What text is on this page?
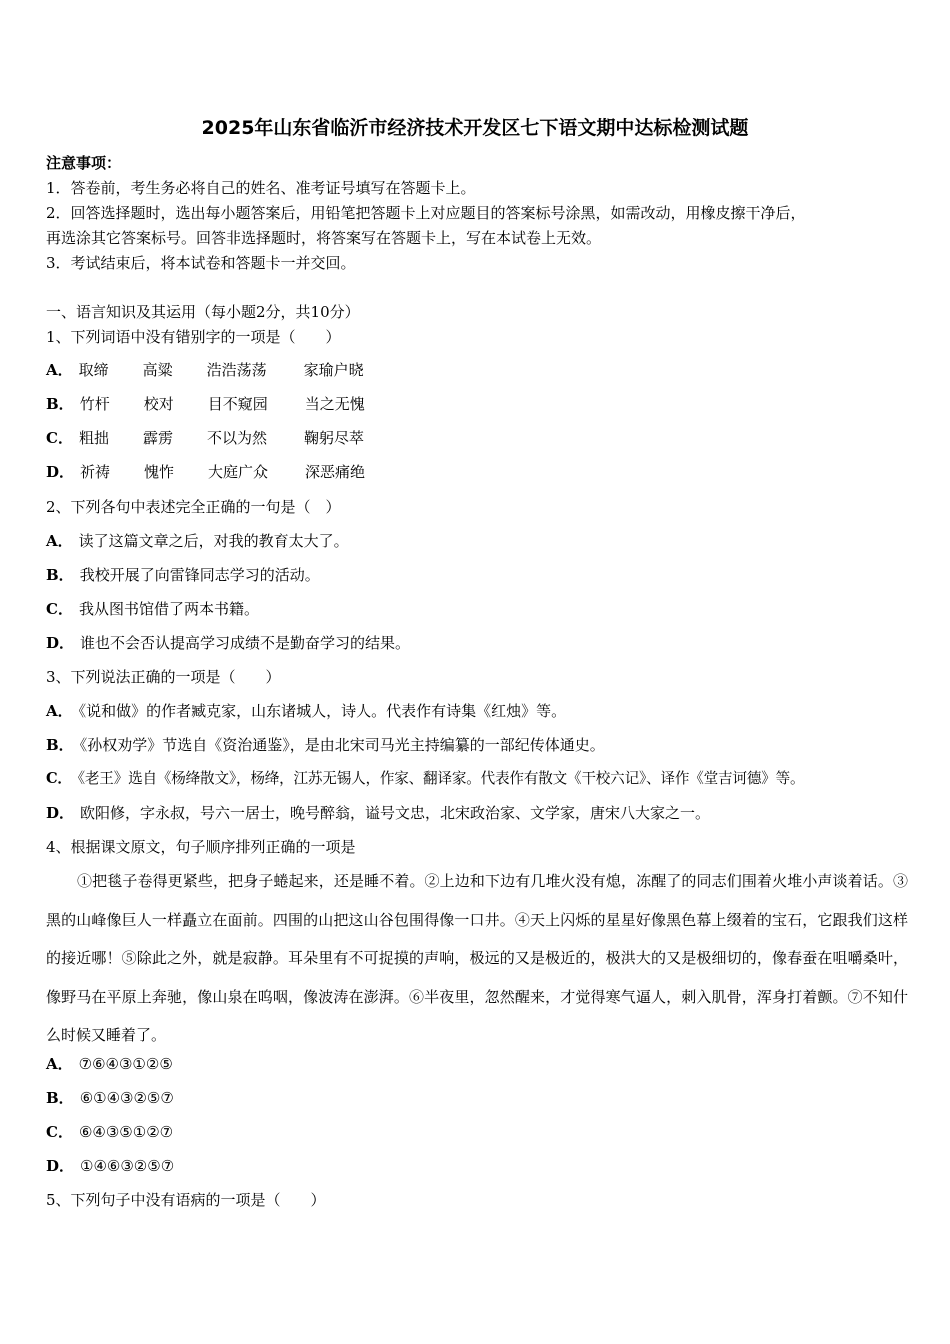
2025年山东省临沂市经济技术开发区七下语文期中达标检测试题
注意事项：
1．答卷前，考生务必将自己的姓名、准考证号填写在答题卡上。
2．回答选择题时，选出每小题答案后，用铅笔把答题卡上对应题目的答案标号涂黑，如需改动，用橡皮擦干净后，
再选涂其它答案标号。回答非选择题时，将答案写在答题卡上，写在本试卷上无效。
3．考试结束后，将本试卷和答题卡一并交回。
一、语言知识及其运用（每小题2分，共10分）
1、下列词语中没有错别字的一项是（　　）
A． 取缔 高粱 浩浩荡荡 家瑜户晓
B． 竹杆 校对 目不窥园 当之无愧
C． 粗拙 霹雳 不以为然 鞠躬尽萃
D． 祈祷 愧怍 大庭广众 深恶痛绝
2、下列各句中表述完全正确的一句是（　）
A． 读了这篇文章之后，对我的教育太大了。
B． 我校开展了向雷锋同志学习的活动。
C． 我从图书馆借了两本书籍。
D． 谁也不会否认提高学习成绩不是勤奋学习的结果。
3、下列说法正确的一项是（　　）
A． 《说和做》的作者臧克家，山东诸城人，诗人。代表作有诗集《红烛》等。
B． 《孙权劝学》节选自《资治通鉴》，是由北宋司马光主持编纂的一部纪传体通史。
C． 《老王》选自《杨绛散文》，杨绛，江苏无锡人，作家、翻译家。代表作有散文《干校六记》、译作《堂吉诃德》等。
D． 欧阳修，字永叔，号六一居士，晚号醉翁，谥号文忠，北宋政治家、文学家，唐宋八大家之一。
4、根据课文原文，句子顺序排列正确的一项是
①把毯子卷得更紧些，把身子蜷起来，还是睡不着。②上边和下边有几堆火没有熄，冻醒了的同志们围着火堆小声谈着话。③黑的山峰像巨人一样矗立在面前。四围的山把这山谷包围得像一口井。④天上闪烁的星星好像黑色幕上缀着的宝石，它跟我们这样的接近哪！⑤除此之外，就是寂静。耳朵里有不可捉摸的声响，极远的又是极近的，极洪大的又是极细切的，像春蚕在咀嚼桑叶，像野马在平原上奔驰，像山泉在呜咽，像波涛在澎湃。⑥半夜里，忽然醒来，才觉得寒气逼人，刺入肌骨，浑身打着颤。⑦不知什么时候又睡着了。
A． ⑦⑥④③①②⑤
B． ⑥①④③②⑤⑦
C． ⑥④③⑤①②⑦
D． ①④⑥③②⑤⑦
5、下列句子中没有语病的一项是（　　）
